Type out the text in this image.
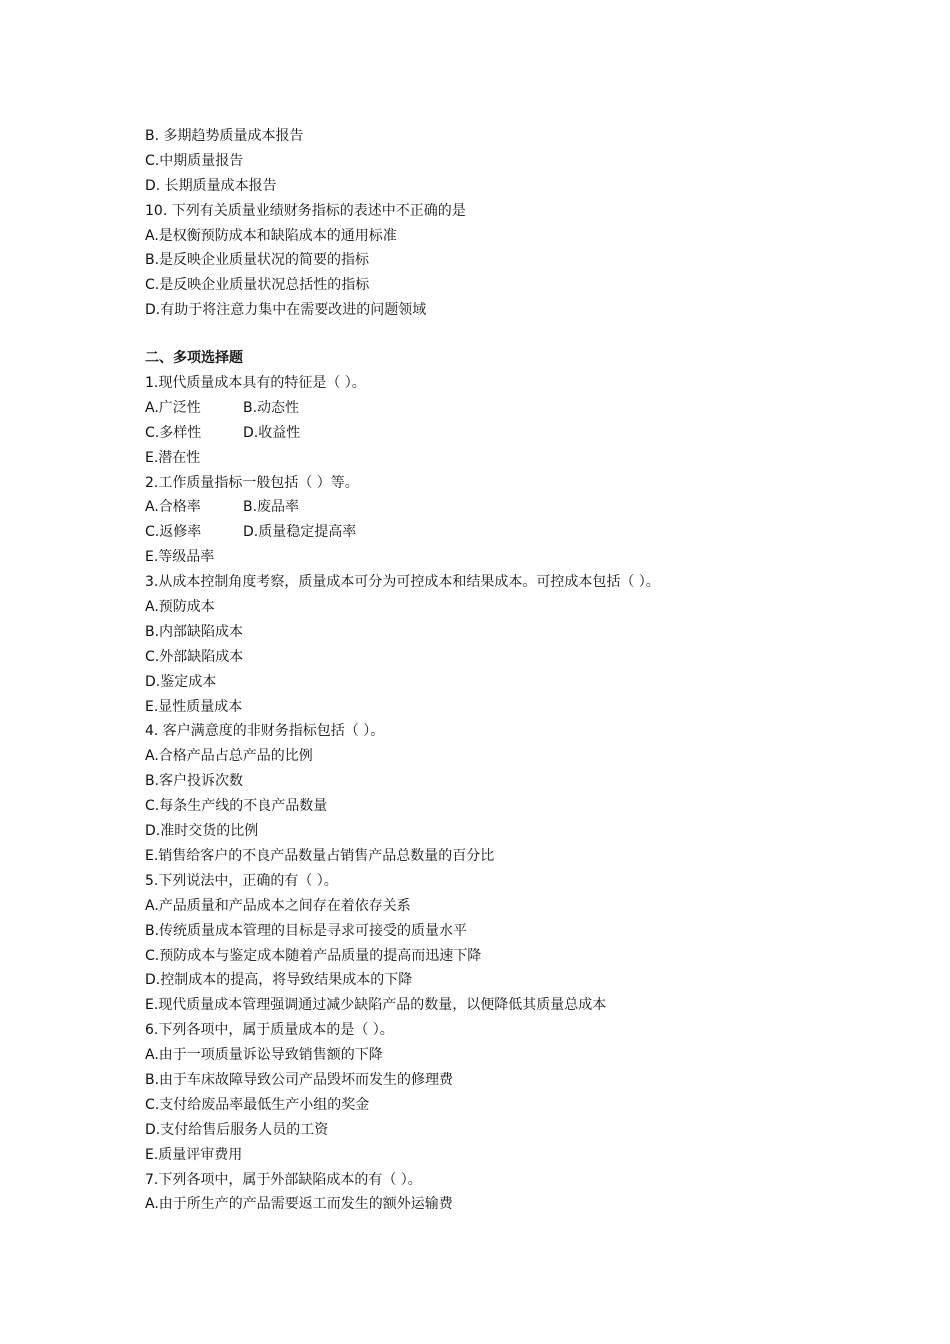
B. 多期趋势质量成本报告
C.中期质量报告
D. 长期质量成本报告
10. 下列有关质量业绩财务指标的表述中不正确的是
A.是权衡预防成本和缺陷成本的通用标准
B.是反映企业质量状况的简要的指标
C.是反映企业质量状况总括性的指标
D.有助于将注意力集中在需要改进的问题领域
二、多项选择题
1.现代质量成本具有的特征是（ ）。
A.广泛性	B.动态性
C.多样性	D.收益性
E.潜在性
2.工作质量指标一般包括（ ）等。
A.合格率	B.废品率
C.返修率	D.质量稳定提高率
E.等级品率
3.从成本控制角度考察，质量成本可分为可控成本和结果成本。可控成本包括（ ）。
A.预防成本
B.内部缺陷成本
C.外部缺陷成本
D.鉴定成本
E.显性质量成本
4. 客户满意度的非财务指标包括（ ）。
A.合格产品占总产品的比例
B.客户投诉次数
C.每条生产线的不良产品数量
D.准时交货的比例
E.销售给客户的不良产品数量占销售产品总数量的百分比
5.下列说法中，正确的有（ ）。
A.产品质量和产品成本之间存在着依存关系
B.传统质量成本管理的目标是寻求可接受的质量水平
C.预防成本与鉴定成本随着产品质量的提高而迅速下降
D.控制成本的提高，将导致结果成本的下降
E.现代质量成本管理强调通过减少缺陷产品的数量，以便降低其质量总成本
6.下列各项中，属于质量成本的是（ ）。
A.由于一项质量诉讼导致销售额的下降
B.由于车床故障导致公司产品毁坏而发生的修理费
C.支付给废品率最低生产小组的奖金
D.支付给售后服务人员的工资
E.质量评审费用
7.下列各项中，属于外部缺陷成本的有（ ）。
A.由于所生产的产品需要返工而发生的额外运输费
